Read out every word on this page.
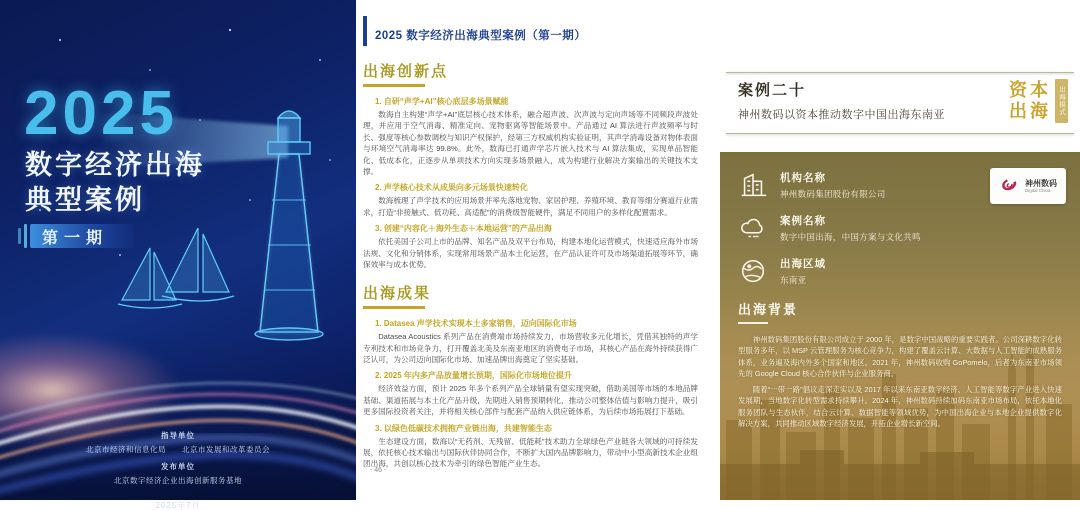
2025
数字经济出海
典型案例
第一期
指导单位
北京市经济和信息化局　　北京市发展和改革委员会
发布单位
北京数字经济企业出海创新服务基地
2025年7月
2025 数字经济出海典型案例（第一期）
出海创新点
1. 自研“声学+AI”核心底层多场景赋能

数海自主构建“声学+AI”底层核心技术体系，融合超声波、次声波与定向声场等不同频段声波处理，并应用于空气消毒、精准定向、宠物驱离等智能场景中。产品通过 AI 算法进行声波频率与时长、强度等核心参数调校与知识产权保护，经第三方权威机构实验证明，其声学消毒设备对物体表面与环境空气消毒率达 99.8%。此外，数海已打通声学芯片嵌入技术与 AI 算法集成，实现单品智能化、低成本化，正逐步从单项技术方向实现多场景融入，成为构建行业解决方案输出的关键技术支撑。

2. 声学核心技术从成果向多元场景快速转化

数海梳理了声学技术的应用场景并率先落地宠物、家居护理、养殖环境、教育等细分赛道行业需求，打造“非接触式、低功耗、高适配”的消费级智能硬件，满足不同用户的多样化配置需求。

3. 创建“内容化＋海外生态＋本地运营”的产品出海

依托美国子公司上市的品牌、知名产品及双平台布局，构建本地化运营模式，快速适应海外市场法规、文化和分销体系，实现常用场景产品本土化运营，在产品认证许可及市场渠道拓展等环节，确保效率与成本优势。

出海成果
1. Datasea 声学技术实现本土多家销售，迈向国际化市场

Datasea Acoustics 系列产品在消费端市场持续发力，市场营收多元化增长，凭借其独特的声学专利技术和市场竞争力，打开覆盖北美及东南亚地区的消费电子市场，其核心产品在海外持续获得广泛认可，为公司迈向国际化市场、加速品牌出海奠定了坚实基础。

2. 2025 年内多产品放量增长预期，国际化市场地位提升

经济效益方面，预计 2025 年多个系列产品全球销量有望实现突破，借助美国等市场的本地品牌基础、渠道拓展与本土化产品升级，先期进入销售预期转化，推动公司整体估值与影响力提升，吸引更多国际投资者关注，并将相关核心部件与配套产品纳入供应链体系，为后续市场拓展打下基础。

3. 以绿色低碳技术拥抱产业链出海，共建智能生态

生态建设方面，数海以“无药剂、无残留、低能耗”技术助力全球绿色产业链各大领域的可持续发展，依托核心技术输出与国际伙伴协同合作，不断扩大国内品牌影响力，带动中小型高新技术企业组团出海，共创以核心技术为牵引的绿色智能产业生态。

- 46 -
案例二十
神州数码以资本推动数字中国出海东南亚
资本
出海	出海模式
神州数码
Digital China
机构名称
神州数码集团股份有限公司
案例名称
数字中国出海，中国方案与文化共鸣
出海区域
东南亚
出海背景

神州数码集团股份有限公司成立于 2000 年，是数字中国战略的重要实践者。公司深耕数字化转型服务多年，以 MSP 云管理服务为核心竞争力，构建了覆盖云计算、大数据与人工智能的成熟服务体系，业务遍及海内外多个国家和地区。2021 年，神州数码收购 GoPomelo，后者为东南亚市场领先的 Google Cloud 核心合作伙伴与企业服务商。

随着“一带一路”倡议走深走实以及 2017 年以来东南亚数字经济、人工智能等数字产业进入快速发展期，当地数字化转型需求持续攀升。2024 年，神州数码持续加码东南亚市场布局，依托本地化服务团队与生态伙伴，结合云计算、数据智能等领域优势，为中国出海企业与本地企业提供数字化解决方案，共同推动区域数字经济发展，开拓企业增长新空间。
